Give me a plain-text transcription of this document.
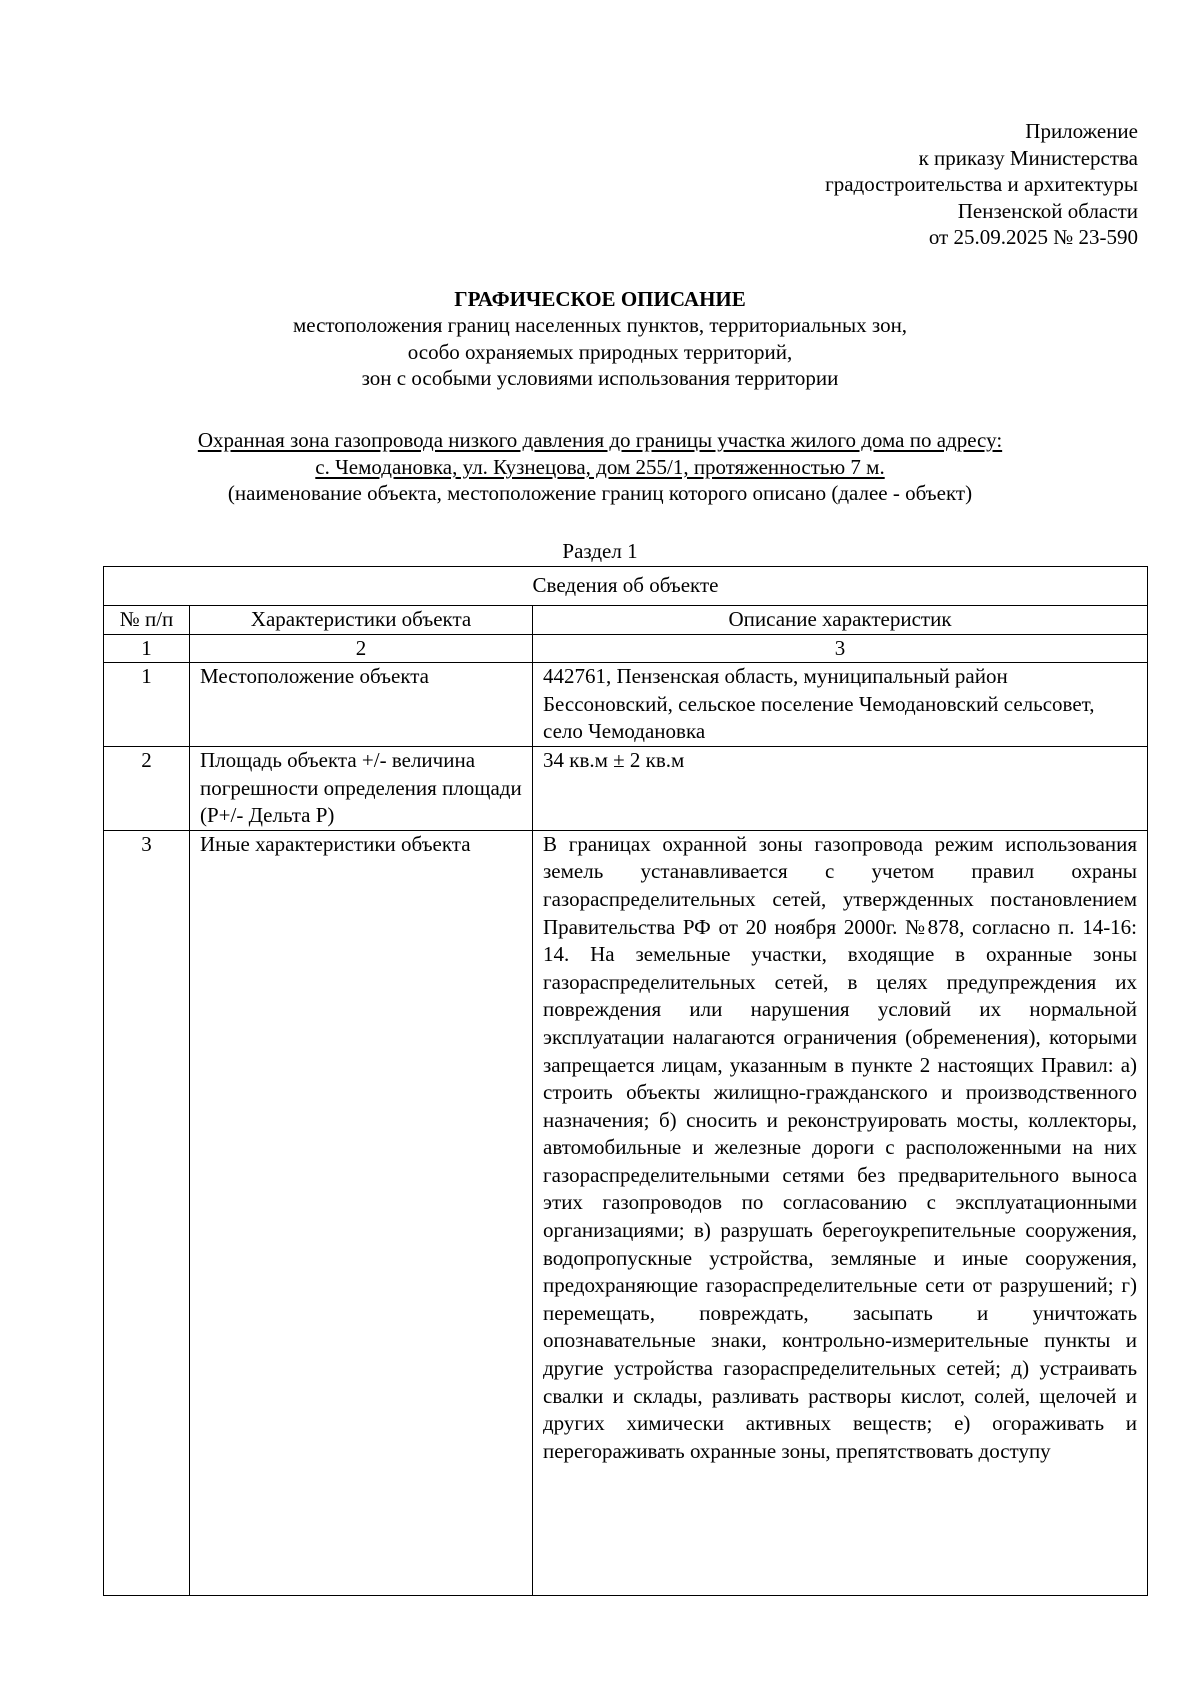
Приложение
к приказу Министерства
градостроительства и архитектуры
Пензенской области
от 25.09.2025 № 23-590
ГРАФИЧЕСКОЕ ОПИСАНИЕ
местоположения границ населенных пунктов, территориальных зон,
особо охраняемых природных территорий,
зон с особыми условиями использования территории
Охранная зона газопровода низкого давления до границы участка жилого дома по адресу:
с. Чемодановка, ул. Кузнецова, дом 255/1, протяженностью 7 м.
(наименование объекта, местоположение границ которого описано (далее - объект)
Раздел 1
Сведения об объекте		
№ п/п	Характеристики объекта	Описание характеристик
1	2	3
1	Местоположение объекта	442761, Пензенская область, муниципальный район Бессоновский, сельское поселение Чемодановский сельсовет, село Чемодановка
2	Площадь объекта +/- величина погрешности определения площади (Р+/- Дельта Р)	34 кв.м ± 2 кв.м
3	Иные характеристики объекта	В границах охранной зоны газопровода режим использования земель устанавливается с учетом правил охраны газораспределительных сетей, утвержденных постановлением Правительства РФ от 20 ноября 2000г. №878, согласно п. 14-16: 14. На земельные участки, входящие в охранные зоны газораспределительных сетей, в целях предупреждения их повреждения или нарушения условий их нормальной эксплуатации налагаются ограничения (обременения), которыми запрещается лицам, указанным в пункте 2 настоящих Правил: а) строить объекты жилищно-гражданского и производственного назначения; б) сносить и реконструировать мосты, коллекторы, автомобильные и железные дороги с расположенными на них газораспределительными сетями без предварительного выноса этих газопроводов по согласованию с эксплуатационными организациями; в) разрушать берегоукрепительные сооружения, водопропускные устройства, земляные и иные сооружения, предохраняющие газораспределительные сети от разрушений; г) перемещать, повреждать, засыпать и уничтожать опознавательные знаки, контрольно-измерительные пункты и другие устройства газораспределительных сетей; д) устраивать свалки и склады, разливать растворы кислот, солей, щелочей и других химически активных веществ; е) огораживать и перегораживать охранные зоны, препятствовать доступу
